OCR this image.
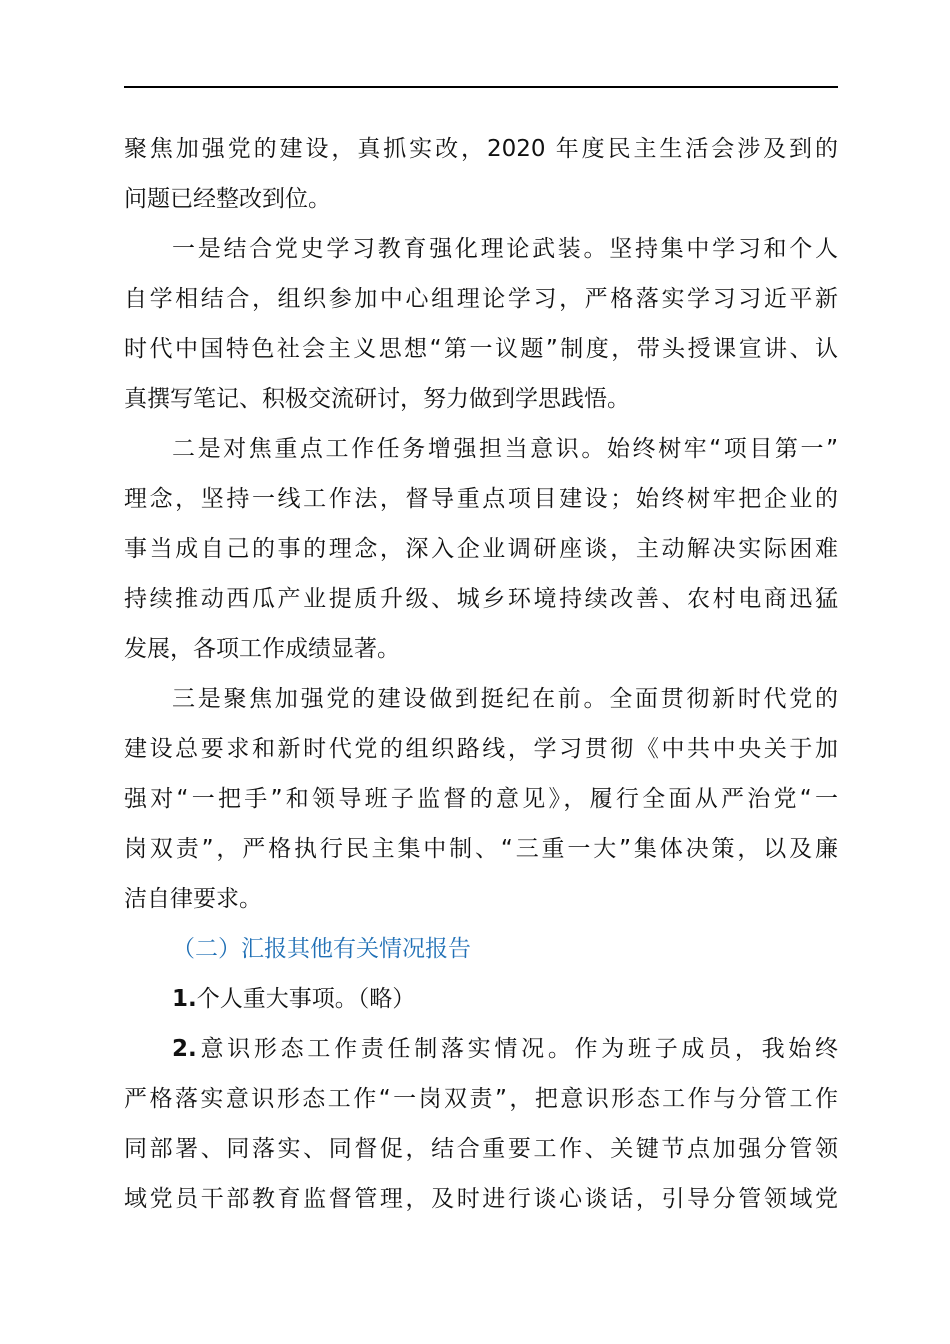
聚焦加强党的建设，真抓实改，2020 年度民主生活会涉及到的
问题已经整改到位。
一是结合党史学习教育强化理论武装。坚持集中学习和个人
自学相结合，组织参加中心组理论学习，严格落实学习习近平新
时代中国特色社会主义思想“第一议题”制度，带头授课宣讲、认
真撰写笔记、积极交流研讨，努力做到学思践悟。
二是对焦重点工作任务增强担当意识。始终树牢“项目第一”
理念，坚持一线工作法，督导重点项目建设；始终树牢把企业的
事当成自己的事的理念，深入企业调研座谈，主动解决实际困难
持续推动西瓜产业提质升级、城乡环境持续改善、农村电商迅猛
发展，各项工作成绩显著。
三是聚焦加强党的建设做到挺纪在前。全面贯彻新时代党的
建设总要求和新时代党的组织路线，学习贯彻《中共中央关于加
强对“一把手”和领导班子监督的意见》，履行全面从严治党“一
岗双责”，严格执行民主集中制、“三重一大”集体决策，以及廉
洁自律要求。
（二）汇报其他有关情况报告
1.个人重大事项。（略）
2.意识形态工作责任制落实情况。作为班子成员，我始终
严格落实意识形态工作“一岗双责”，把意识形态工作与分管工作
同部署、同落实、同督促，结合重要工作、关键节点加强分管领
域党员干部教育监督管理，及时进行谈心谈话，引导分管领域党
